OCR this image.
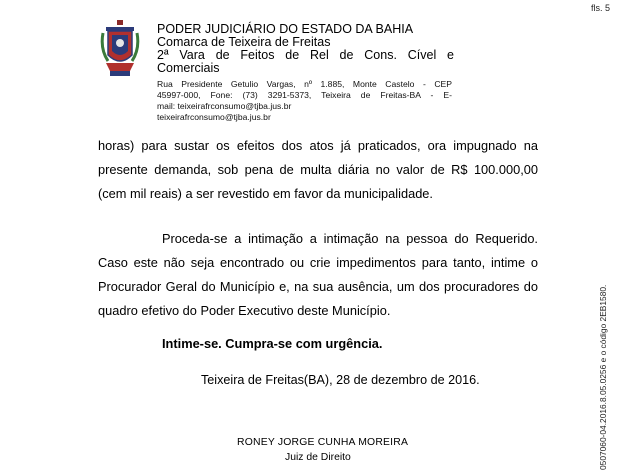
fls. 5
PODER JUDICIÁRIO DO ESTADO DA BAHIA
Comarca de Teixeira de Freitas
2ª Vara de Feitos de Rel de Cons. Cível e
Comerciais
Rua Presidente Getulio Vargas, nº 1.885, Monte Castelo - CEP
45997-000, Fone: (73) 3291-5373, Teixeira de Freitas-BA - E-
mail: teixeirafrconsumo@tjba.jus.br
teixeirafrconsumo@tjba.jus.br
horas) para sustar os efeitos dos atos já praticados, ora impugnado na presente demanda, sob pena de multa diária no valor de R$ 100.000,00 (cem mil reais) a ser revestido em favor da municipalidade.
Proceda-se a intimação a intimação na pessoa do Requerido. Caso este não seja encontrado ou crie impedimentos para tanto, intime o Procurador Geral do Município e, na sua ausência, um dos procuradores do quadro efetivo do Poder Executivo deste Município.
Intime-se. Cumpra-se com urgência.
Teixeira de Freitas(BA), 28 de dezembro de 2016.
RONEY JORGE CUNHA MOREIRA
Juiz de Direito	0507060-04.2016.8.05.0256 e o código 2EB1580.
